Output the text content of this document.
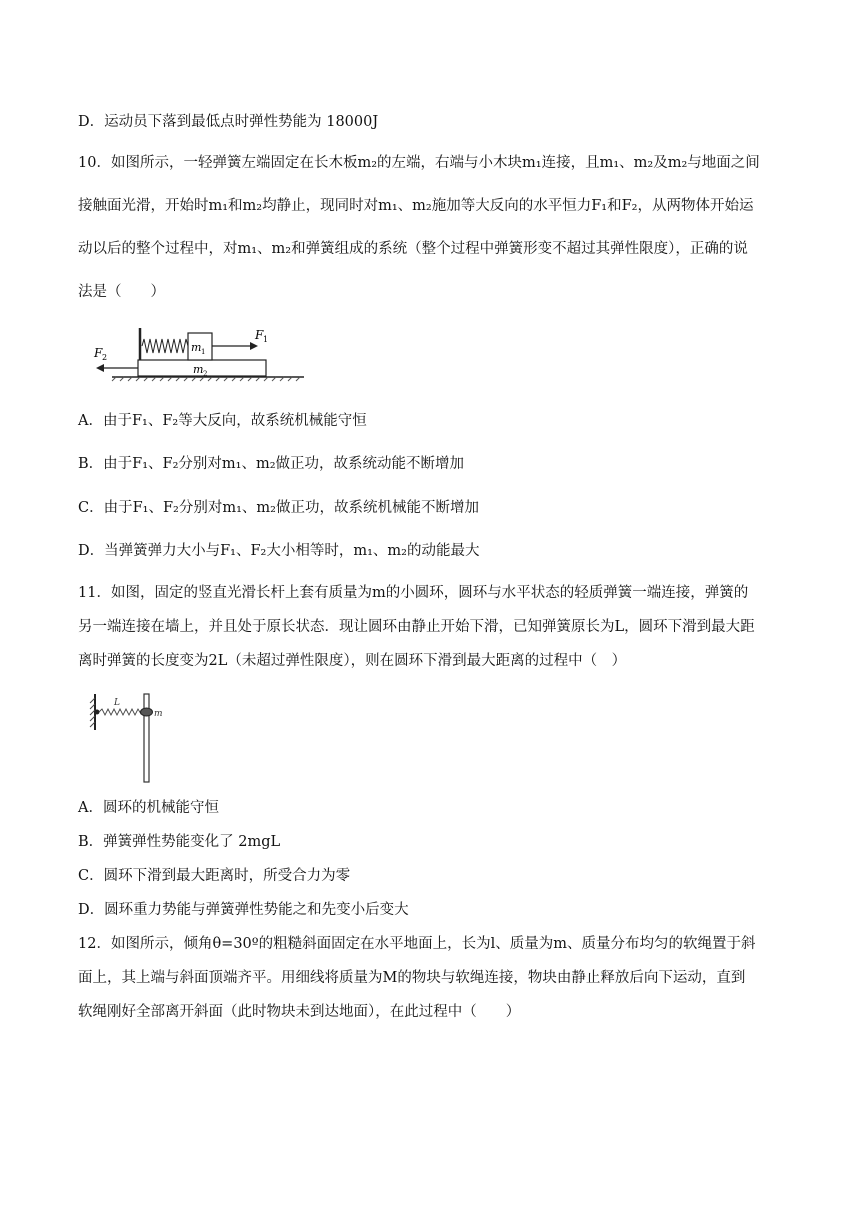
D．运动员下落到最低点时弹性势能为 18000J
10．如图所示，一轻弹簧左端固定在长木板m₂的左端，右端与小木块m₁连接，且m₁、m₂及m₂与地面之间
接触面光滑，开始时m₁和m₂均静止，现同时对m₁、m₂施加等大反向的水平恒力F₁和F₂，从两物体开始运
动以后的整个过程中，对m₁、m₂和弹簧组成的系统（整个过程中弹簧形变不超过其弹性限度），正确的说
法是（　　）
m 1
F 1
F 2
m 2
A．由于F₁、F₂等大反向，故系统机械能守恒
B．由于F₁、F₂分别对m₁、m₂做正功，故系统动能不断增加
C．由于F₁、F₂分别对m₁、m₂做正功，故系统机械能不断增加
D．当弹簧弹力大小与F₁、F₂大小相等时，m₁、m₂的动能最大
11．如图，固定的竖直光滑长杆上套有质量为m的小圆环，圆环与水平状态的轻质弹簧一端连接，弹簧的
另一端连接在墙上，并且处于原长状态．现让圆环由静止开始下滑，已知弹簧原长为L，圆环下滑到最大距
离时弹簧的长度变为2L（未超过弹性限度），则在圆环下滑到最大距离的过程中（　）
L
m
A．圆环的机械能守恒
B．弹簧弹性势能变化了 2mgL
C．圆环下滑到最大距离时，所受合力为零
D．圆环重力势能与弹簧弹性势能之和先变小后变大
12．如图所示，倾角θ=30º的粗糙斜面固定在水平地面上，长为l、质量为m、质量分布均匀的软绳置于斜
面上，其上端与斜面顶端齐平。用细线将质量为M的物块与软绳连接，物块由静止释放后向下运动，直到
软绳刚好全部离开斜面（此时物块未到达地面），在此过程中（　　）
